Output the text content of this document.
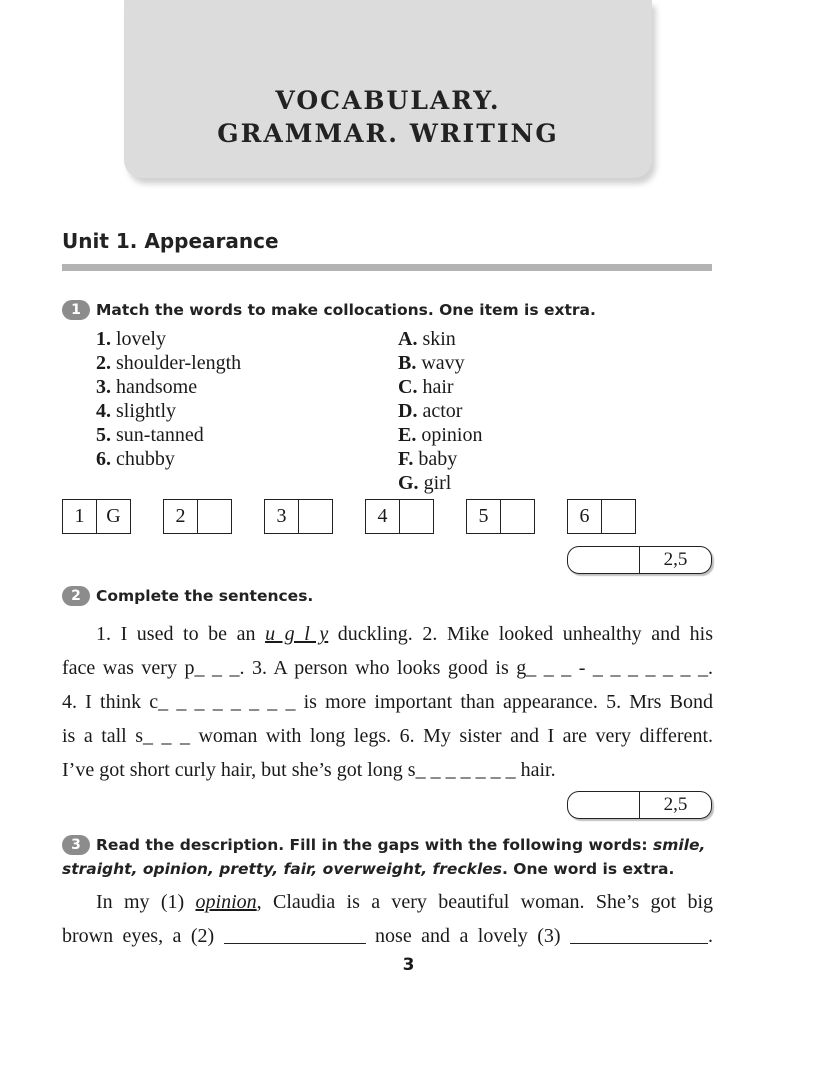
VOCABULARY.
GRAMMAR. WRITING
Unit 1. Appearance
1 Match the words to make collocations. One item is extra.
1. lovely
2. shoulder-length
3. handsome
4. slightly
5. sun-tanned
6. chubby
A. skin
B. wavy
C. hair
D. actor
E. opinion
F. baby
G. girl
1	G	2	3	4	5	6
2,5
2 Complete the sentences.
1. I used to be an u g l y duckling. 2. Mike looked unhealthy and his
face was very p_ _ _. 3. A person who looks good is g_ _ _ - _ _ _ _ _ _ _.
4. I think c_ _ _ _ _ _ _ _ is more important than appearance. 5. Mrs Bond
is a tall s_ _ _ woman with long legs. 6. My sister and I are very different.
I’ve got short curly hair, but she’s got long s_ _ _ _ _ _ _ hair.
2,5
3 Read the description. Fill in the gaps with the following words: smile, straight, opinion, pretty, fair, overweight, freckles. One word is extra.
In my (1) opinion, Claudia is a very beautiful woman. She’s got big
brown eyes, a (2)	nose and a lovely (3)	.
3
